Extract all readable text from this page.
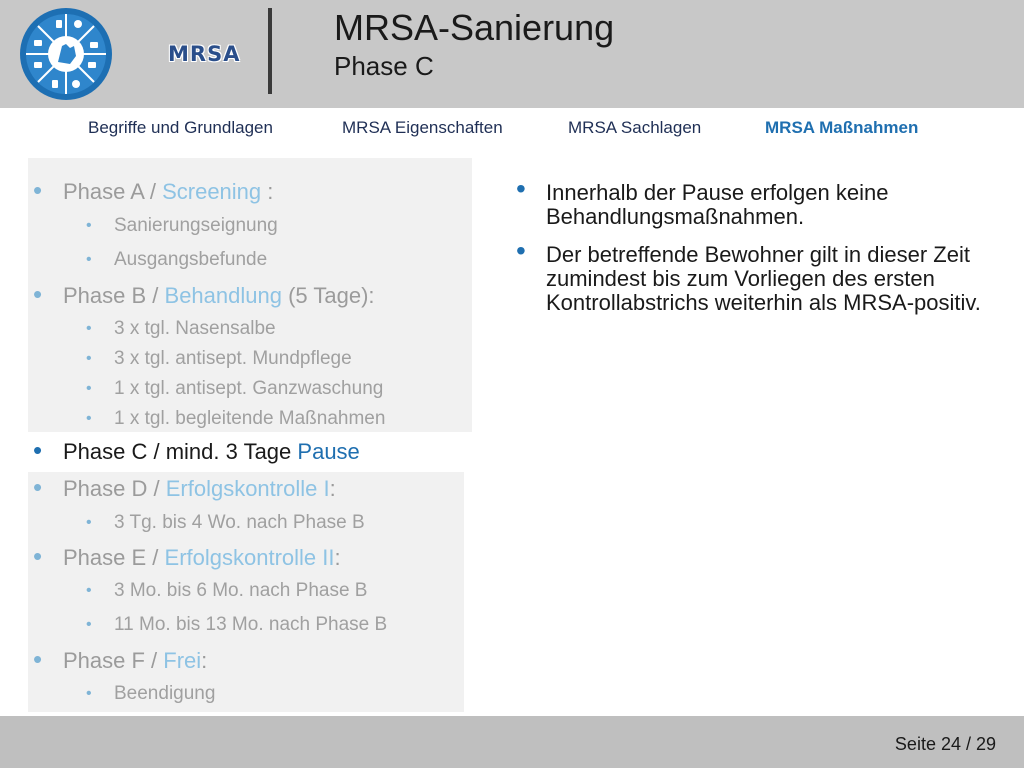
MRSA
MRSA-Sanierung
Phase C
Begriffe und Grundlagen	MRSA Eigenschaften	MRSA Sachlagen	MRSA Maßnahmen
• Phase A / Screening :
• Sanierungseignung
• Ausgangsbefunde
• Phase B / Behandlung (5 Tage):
• 3 x tgl. Nasensalbe
• 3 x tgl. antisept. Mundpflege
• 1 x tgl. antisept. Ganzwaschung
• 1 x tgl. begleitende Maßnahmen
• Phase C / mind. 3 Tage Pause
• Phase D / Erfolgskontrolle I:
• 3 Tg. bis 4 Wo. nach Phase B
• Phase E / Erfolgskontrolle II:
• 3 Mo. bis 6 Mo. nach Phase B
• 11 Mo. bis 13 Mo. nach Phase B
• Phase F / Frei:
• Beendigung
• Innerhalb der Pause erfolgen keine Behandlungsmaßnahmen.
• Der betreffende Bewohner gilt in dieser Zeit zumindest bis zum Vorliegen des ersten Kontrollabstrichs weiterhin als MRSA-positiv.
Seite 24 / 29
